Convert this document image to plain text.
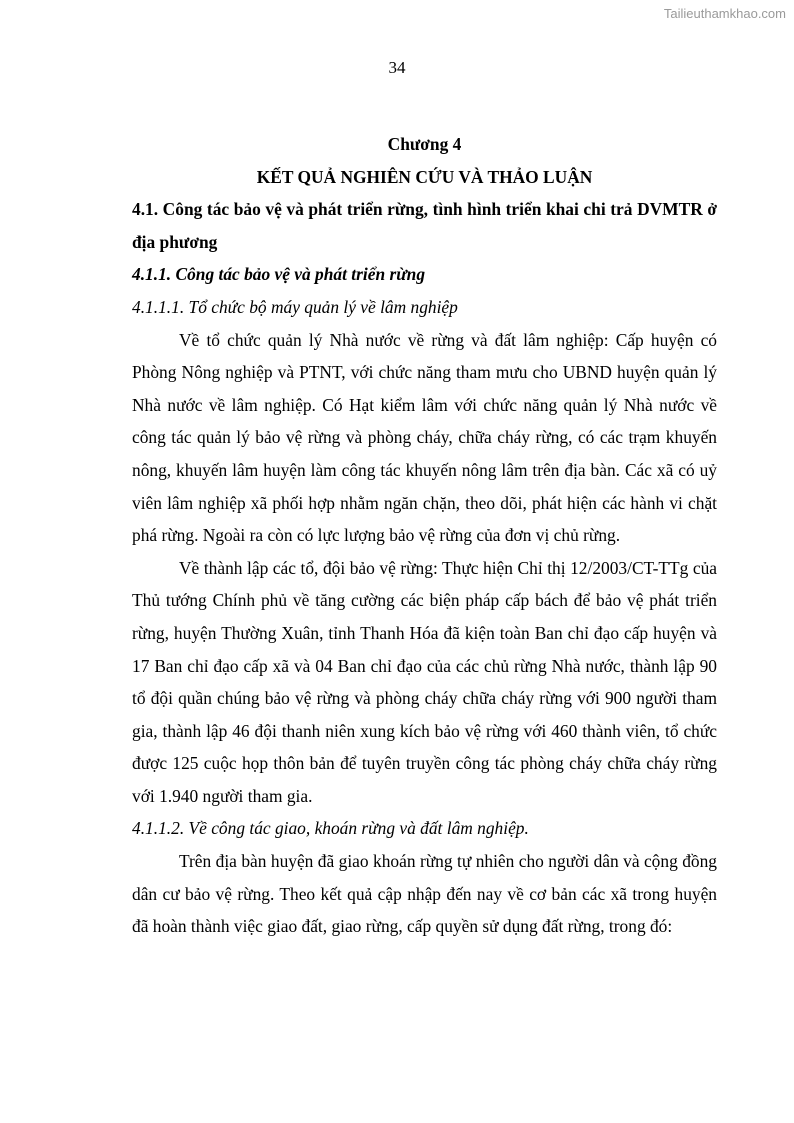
Tailieuthamkhao.com
34

Chương 4

KẾT QUẢ NGHIÊN CỨU VÀ THẢO LUẬN

4.1. Công tác bảo vệ và phát triển rừng, tình hình triển khai chi trả DVMTR ở địa phương

4.1.1. Công tác bảo vệ và phát triển rừng

4.1.1.1. Tổ chức bộ máy quản lý về lâm nghiệp

Về tổ chức quản lý Nhà nước về rừng và đất lâm nghiệp: Cấp huyện có Phòng Nông nghiệp và PTNT, với chức năng tham mưu cho UBND huyện quản lý Nhà nước về lâm nghiệp. Có Hạt kiểm lâm với chức năng quản lý Nhà nước về công tác quản lý bảo vệ rừng và phòng cháy, chữa cháy rừng, có các trạm khuyến nông, khuyến lâm huyện làm công tác khuyến nông lâm trên địa bàn. Các xã có uỷ viên lâm nghiệp xã phối hợp nhằm ngăn chặn, theo dõi, phát hiện các hành vi chặt phá rừng. Ngoài ra còn có lực lượng bảo vệ rừng của đơn vị chủ rừng.

Về thành lập các tổ, đội bảo vệ rừng: Thực hiện Chỉ thị 12/2003/CT-TTg của Thủ tướng Chính phủ về tăng cường các biện pháp cấp bách để bảo vệ phát triển rừng, huyện Thường Xuân, tỉnh Thanh Hóa đã kiện toàn Ban chỉ đạo cấp huyện và 17 Ban chỉ đạo cấp xã và 04 Ban chỉ đạo của các chủ rừng Nhà nước, thành lập 90 tổ đội quần chúng bảo vệ rừng và phòng cháy chữa cháy rừng với 900 người tham gia, thành lập 46 đội thanh niên xung kích bảo vệ rừng với 460 thành viên, tổ chức được 125 cuộc họp thôn bản để tuyên truyền công tác phòng cháy chữa cháy rừng với 1.940 người tham gia.

4.1.1.2. Về công tác giao, khoán rừng và đất lâm nghiệp.

Trên địa bàn huyện đã giao khoán rừng tự nhiên cho người dân và cộng đồng dân cư bảo vệ rừng. Theo kết quả cập nhập đến nay về cơ bản các xã trong huyện đã hoàn thành việc giao đất, giao rừng, cấp quyền sử dụng đất rừng, trong đó:
